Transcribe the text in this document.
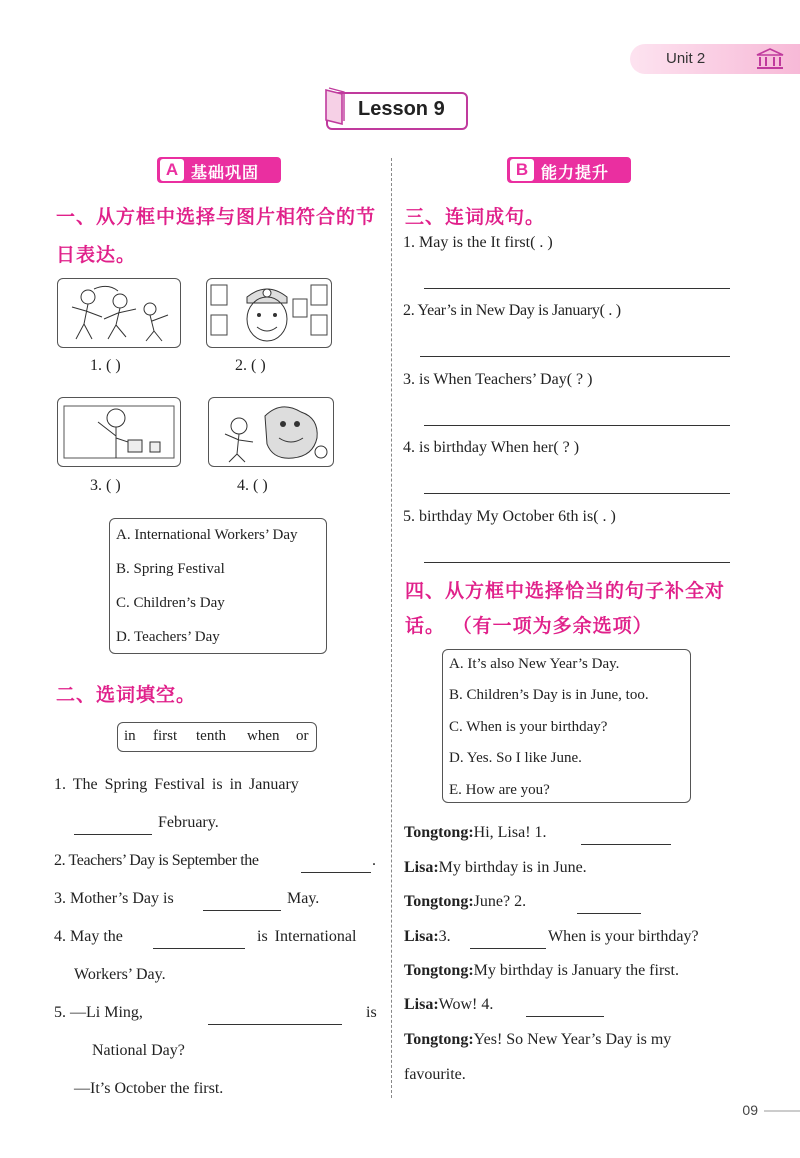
Unit 2
Lesson 9
A 基础巩固	B 能力提升
一、从方框中选择与图片相符合的节
日表达。
1. ( )	2. ( )
3. ( )	4. ( )
A. International Workers’ Day
B. Spring Festival
C. Children’s Day
D. Teachers’ Day
二、选词填空。
in first tenth when or
1. The Spring Festival is in January
February.
2. Teachers’ Day is September the	.
3. Mother’s Day is	May.
4. May the	is International
Workers’ Day.
5. —Li Ming,	is
National Day?
—It’s October the first.
三、连词成句。
1. May is the It first( . )
2. Year’s in New Day is January( . )
3. is When Teachers’ Day( ? )
4. is birthday When her( ? )
5. birthday My October 6th is( . )
四、从方框中选择恰当的句子补全对
话。 （有一项为多余选项）
A. It’s also New Year’s Day.
B. Children’s Day is in June, too.
C. When is your birthday?
D. Yes. So I like June.
E. How are you?
Tongtong:Hi, Lisa! 1.
Lisa:My birthday is in June.
Tongtong:June? 2.
Lisa:3.	When is your birthday?
Tongtong:My birthday is January the first.
Lisa:Wow! 4.
Tongtong:Yes! So New Year’s Day is my
favourite.
09
